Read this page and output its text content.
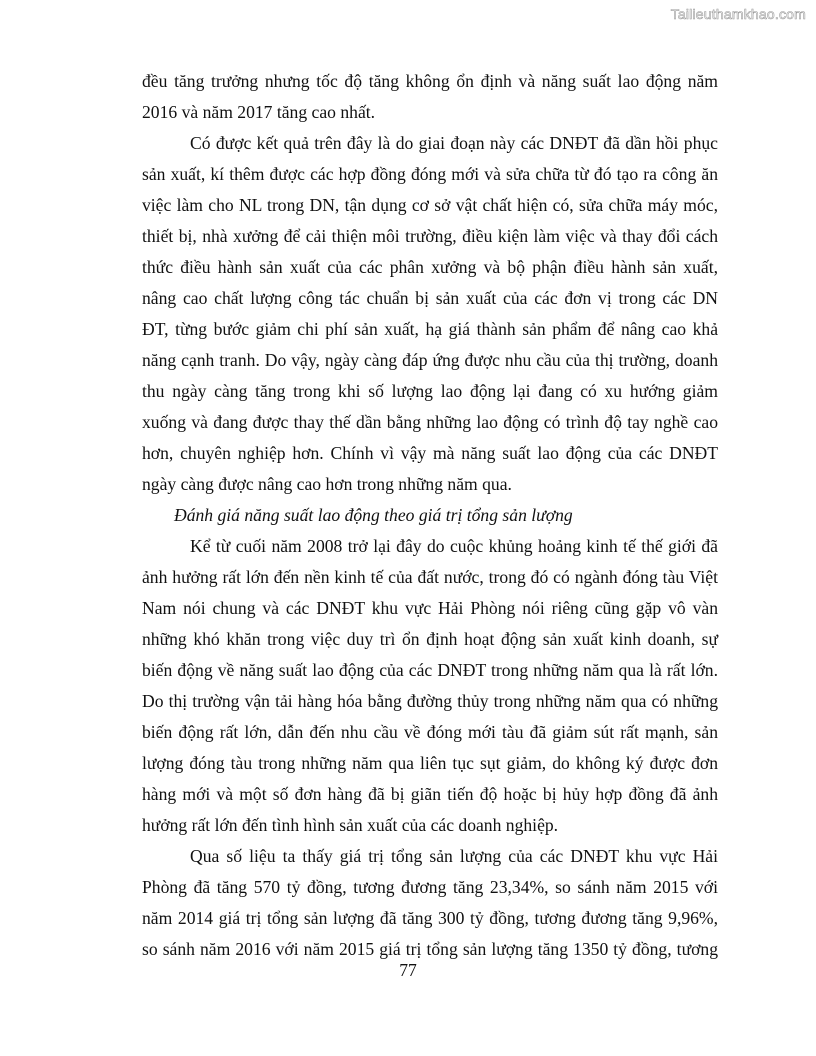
Tailieuthamkhao.com

đều tăng trưởng nhưng tốc độ tăng không ổn định và năng suất lao động năm
2016 và năm 2017 tăng cao nhất.

Có được kết quả trên đây là do giai đoạn này các DNĐT đã dần hồi phục
sản xuất, kí thêm được các hợp đồng đóng mới và sửa chữa từ đó tạo ra công ăn
việc làm cho NL trong DN, tận dụng cơ sở vật chất hiện có, sửa chữa máy móc,
thiết bị, nhà xưởng để cải thiện môi trường, điều kiện làm việc và thay đổi cách
thức điều hành sản xuất của các phân xưởng và bộ phận điều hành sản xuất,
nâng cao chất lượng công tác chuẩn bị sản xuất của các đơn vị trong các DN
ĐT, từng bước giảm chi phí sản xuất, hạ giá thành sản phẩm để nâng cao khả
năng cạnh tranh. Do vậy, ngày càng đáp ứng được nhu cầu của thị trường, doanh
thu ngày càng tăng trong khi số lượng lao động lại đang có xu hướng giảm
xuống và đang được thay thế dần bằng những lao động có trình độ tay nghề cao
hơn, chuyên nghiệp hơn. Chính vì vậy mà năng suất lao động của các DNĐT
ngày càng được nâng cao hơn trong những năm qua.

Đánh giá năng suất lao động theo giá trị tổng sản lượng

Kể từ cuối năm 2008 trở lại đây do cuộc khủng hoảng kinh tế thế giới đã
ảnh hưởng rất lớn đến nền kinh tế của đất nước, trong đó có ngành đóng tàu Việt
Nam nói chung và các DNĐT khu vực Hải Phòng nói riêng cũng gặp vô vàn
những khó khăn trong việc duy trì ổn định hoạt động sản xuất kinh doanh, sự
biến động về năng suất lao động của các DNĐT trong những năm qua là rất lớn.
Do thị trường vận tải hàng hóa bằng đường thủy trong những năm qua có những
biến động rất lớn, dẫn đến nhu cầu về đóng mới tàu đã giảm sút rất mạnh, sản
lượng đóng tàu trong những năm qua liên tục sụt giảm, do không ký được đơn
hàng mới và một số đơn hàng đã bị giãn tiến độ hoặc bị hủy hợp đồng đã ảnh
hưởng rất lớn đến tình hình sản xuất của các doanh nghiệp.

Qua số liệu ta thấy giá trị tổng sản lượng của các DNĐT khu vực Hải
Phòng đã tăng 570 tỷ đồng, tương đương tăng 23,34%, so sánh năm 2015 với
năm 2014 giá trị tổng sản lượng đã tăng 300 tỷ đồng, tương đương tăng 9,96%,
so sánh năm 2016 với năm 2015 giá trị tổng sản lượng tăng 1350 tỷ đồng, tương

77
